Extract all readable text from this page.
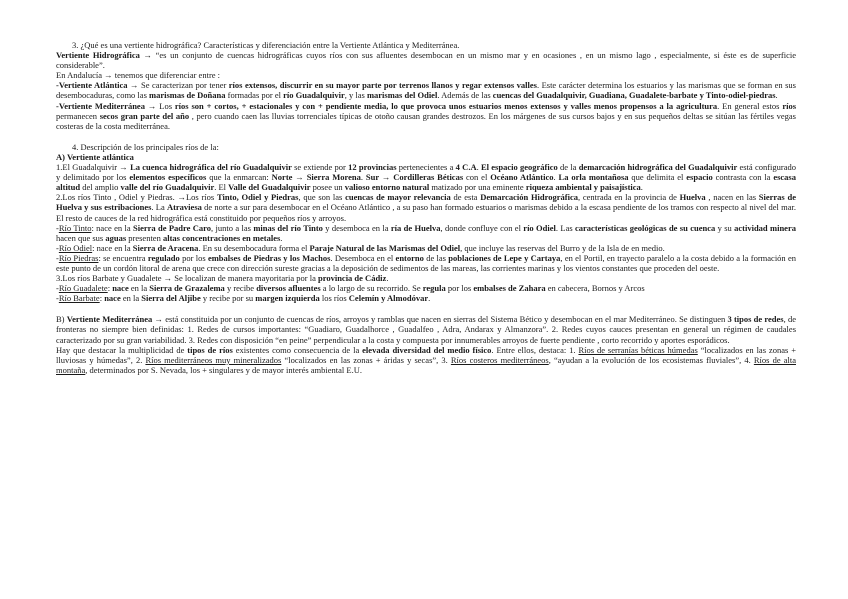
3. ¿Qué es una vertiente hidrográfica? Características y diferenciación entre la Vertiente Atlántica y Mediterránea.

Vertiente Hidrográfica → “es un conjunto de cuencas hidrográficas cuyos ríos con sus afluentes desembocan en un mismo mar y en ocasiones , en un mismo lago , especialmente, si éste es de superficie considerable”.

En Andalucía → tenemos que diferenciar entre :

-Vertiente Atlántica → Se caracterizan por tener ríos extensos, discurrir en su mayor parte por terrenos llanos y regar extensos valles. Este carácter determina los estuarios y las marismas que se forman en sus desembocaduras, como las marismas de Doñana formadas por el río Guadalquivir, y las marismas del Odiel. Además de las cuencas del Guadalquivir, Guadiana, Guadalete-barbate y Tinto-odiel-piedras.

-Vertiente Mediterránea → Los ríos son + cortos, + estacionales y con + pendiente media, lo que provoca unos estuarios menos extensos y valles menos propensos a la agricultura. En general estos ríos permanecen secos gran parte del año , pero cuando caen las lluvias torrenciales típicas de otoño causan grandes destrozos. En los márgenes de sus cursos bajos y en sus pequeños deltas se sitúan las fértiles vegas costeras de la costa mediterránea.

4. Descripción de los principales ríos de la:

A) Vertiente atlántica

1.El Guadalquivir → La cuenca hidrográfica del río Guadalquivir se extiende por 12 provincias pertenecientes a 4 C.A. El espacio geográfico de la demarcación hidrográfica del Guadalquivir está configurado y delimitado por los elementos específicos que la enmarcan: Norte → Sierra Morena. Sur → Cordilleras Béticas con el Océano Atlántico. La orla montañosa que delimita el espacio contrasta con la escasa altitud del amplio valle del río Guadalquivir. El Valle del Guadalquivir posee un valioso entorno natural matizado por una eminente riqueza ambiental y paisajística.

2.Los ríos Tinto , Odiel y Piedras. →Los ríos Tinto, Odiel y Piedras, que son las cuencas de mayor relevancia de esta Demarcación Hidrográfica, centrada en la provincia de Huelva , nacen en las Sierras de Huelva y sus estribaciones. La Atraviesa de norte a sur para desembocar en el Océano Atlántico , a su paso han formado estuarios o marismas debido a la escasa pendiente de los tramos con respecto al nivel del mar. El resto de cauces de la red hidrográfica está constituido por pequeños ríos y arroyos.

-Río Tinto: nace en la Sierra de Padre Caro, junto a las minas del río Tinto y desemboca en la ría de Huelva, donde confluye con el río Odiel. Las características geológicas de su cuenca y su actividad minera hacen que sus aguas presenten altas concentraciones en metales.

-Río Odiel: nace en la Sierra de Aracena. En su desembocadura forma el Paraje Natural de las Marismas del Odiel, que incluye las reservas del Burro y de la Isla de en medio.

-Río Piedras: se encuentra regulado por los embalses de Piedras y los Machos. Desemboca en el entorno de las poblaciones de Lepe y Cartaya, en el Portil, en trayecto paralelo a la costa debido a la formación en este punto de un cordón litoral de arena que crece con dirección sureste gracias a la deposición de sedimentos de las mareas, las corrientes marinas y los vientos constantes que proceden del oeste.

3.Los ríos Barbate y Guadalete → Se localizan de manera mayoritaria por la provincia de Cádiz.

-Río Guadalete: nace en la Sierra de Grazalema y recibe diversos afluentes a lo largo de su recorrido. Se regula por los embalses de Zahara en cabecera, Bornos y Arcos

-Río Barbate: nace en la Sierra del Aljibe y recibe por su margen izquierda los ríos Celemín y Almodóvar.

B) Vertiente Mediterránea → está constituida por un conjunto de cuencas de ríos, arroyos y ramblas que nacen en sierras del Sistema Bético y desembocan en el mar Mediterráneo. Se distinguen 3 tipos de redes, de fronteras no siempre bien definidas: 1. Redes de cursos importantes: “Guadiaro, Guadalhorce , Guadalfeo , Adra, Andarax y Almanzora”. 2. Redes cuyos cauces presentan en general un régimen de caudales caracterizado por su gran variabilidad. 3. Redes con disposición “en peine” perpendicular a la costa y compuesta por innumerables arroyos de fuerte pendiente , corto recorrido y aportes esporádicos.

Hay que destacar la multiplicidad de tipos de ríos existentes como consecuencia de la elevada diversidad del medio físico. Entre ellos, destaca: 1. Ríos de serranías béticas húmedas “localizados en las zonas + lluviosas y húmedas”, 2. Ríos mediterráneos muy mineralizados “localizados en las zonas + áridas y secas”, 3. Ríos costeros mediterráneos, “ayudan a la evolución de los ecosistemas fluviales”, 4. Ríos de alta montaña, determinados por S. Nevada, los + singulares y de mayor interés ambiental E.U.
